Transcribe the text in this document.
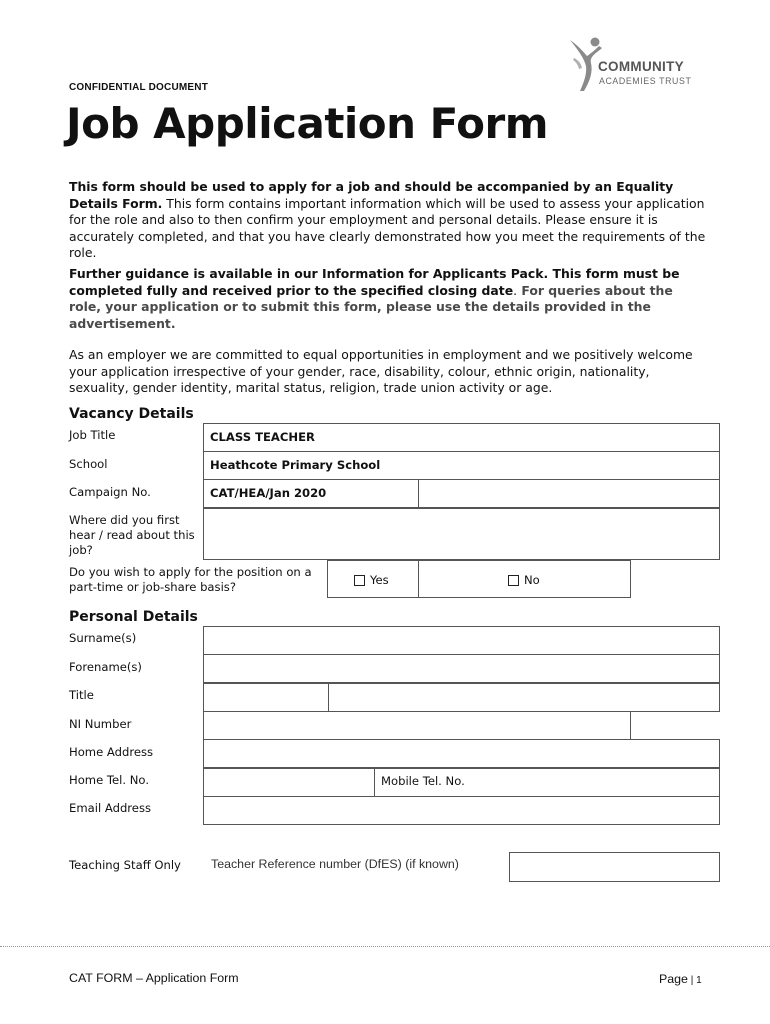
COMMUNITY
ACADEMIES TRUST
CONFIDENTIAL DOCUMENT
Job Application Form
This form should be used to apply for a job and should be accompanied by an Equality Details Form. This form contains important information which will be used to assess your application for the role and also to then confirm your employment and personal details. Please ensure it is accurately completed, and that you have clearly demonstrated how you meet the requirements of the role.
Further guidance is available in our Information for Applicants Pack. This form must be completed fully and received prior to the specified closing date. For queries about the role, your application or to submit this form, please use the details provided in the advertisement.
As an employer we are committed to equal opportunities in employment and we positively welcome your application irrespective of your gender, race, disability, colour, ethnic origin, nationality, sexuality, gender identity, marital status, religion, trade union activity or age.
Vacancy Details
Job Title	CLASS TEACHER
School	Heathcote Primary School
Campaign No.	CAT/HEA/Jan 2020
Where did you first hear / read about this job?
Do you wish to apply for the position on a part-time or job-share basis?	Yes	No
Personal Details
Surname(s)
Forename(s)
Title
NI Number
Home Address
Home Tel. No.	Mobile Tel. No.
Email Address
Teaching Staff Only Teacher Reference number (DfES) (if known)
CAT FORM – Application Form	Page | 1
